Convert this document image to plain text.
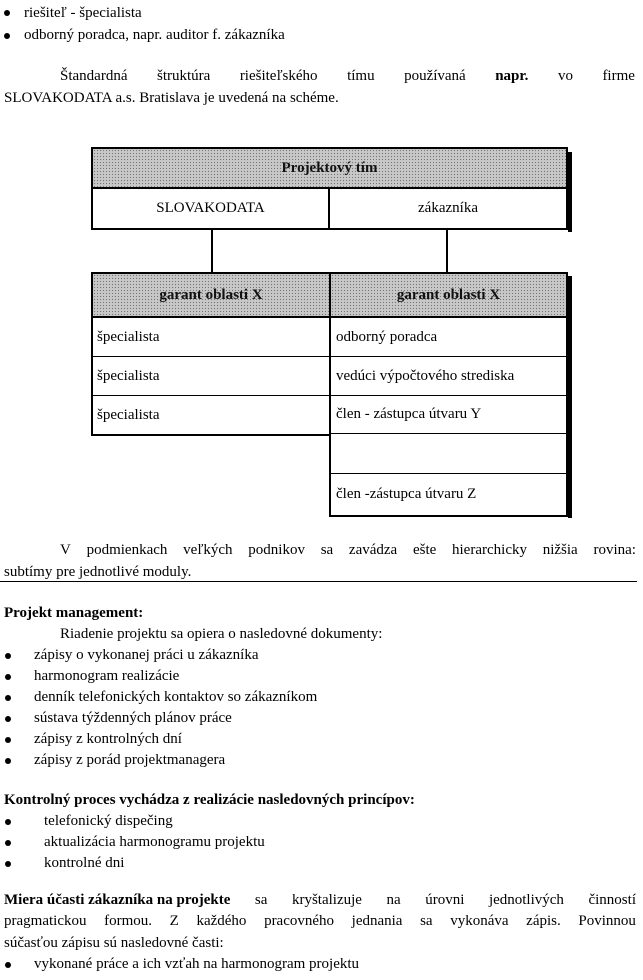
riešiteľ - špecialista
odborný poradca, napr. auditor f. zákazníka
Štandardná štruktúra riešiteľského tímu používaná napr. vo firme
SLOVAKODATA a.s. Bratislava je uvedená na schéme.
Projektový tím
SLOVAKODATA	zákazníka
garant oblasti X
špecialista
špecialista
špecialista
garant oblasti X
odborný poradca
vedúci výpočtového strediska
člen - zástupca útvaru Y
člen -zástupca útvaru Z
V podmienkach veľkých podnikov sa zavádza ešte hierarchicky nižšia rovina:
subtímy pre jednotlivé moduly.
Projekt management:
Riadenie projektu sa opiera o nasledovné dokumenty:
zápisy o vykonanej práci u zákazníka
harmonogram realizácie
denník telefonických kontaktov so zákazníkom
sústava týždenných plánov práce
zápisy z kontrolných dní
zápisy z porád projektmanagera
Kontrolný proces vychádza z realizácie nasledovných princípov:
telefonický dispečing
aktualizácia harmonogramu projektu
kontrolné dni
Miera účasti zákazníka na projekte sa kryštalizuje na úrovni jednotlivých činností
pragmatickou formou. Z každého pracovného jednania sa vykonáva zápis. Povinnou
súčasťou zápisu sú nasledovné časti:
vykonané práce a ich vzťah na harmonogram projektu
